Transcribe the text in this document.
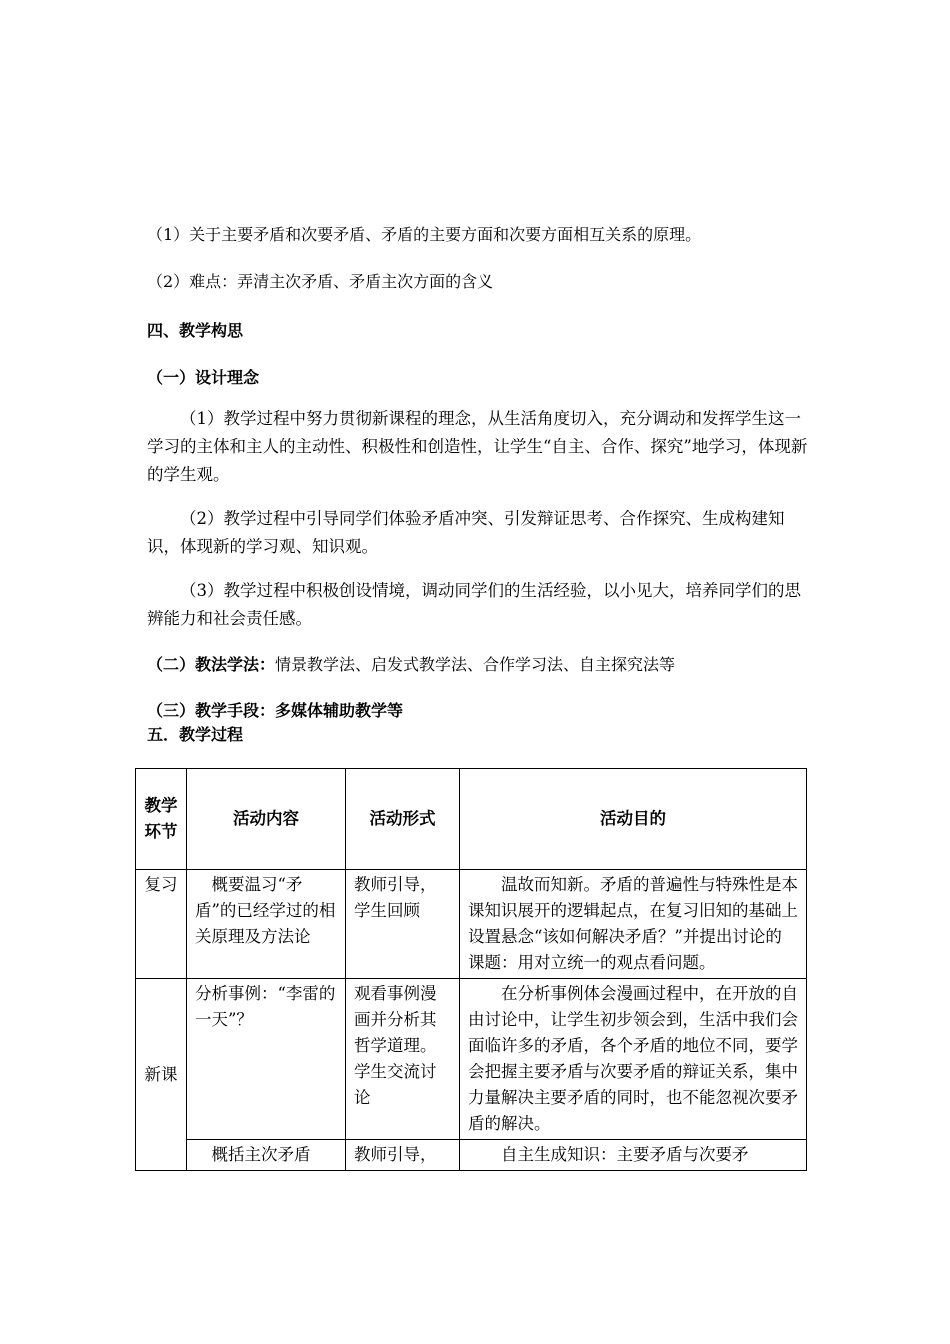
（1）关于主要矛盾和次要矛盾、矛盾的主要方面和次要方面相互关系的原理。
（2）难点：弄清主次矛盾、矛盾主次方面的含义
四、教学构思
（一）设计理念
（1）教学过程中努力贯彻新课程的理念，从生活角度切入，充分调动和发挥学生这一学习的主体和主人的主动性、积极性和创造性，让学生“自主、合作、探究”地学习，体现新的学生观。
（2）教学过程中引导同学们体验矛盾冲突、引发辩证思考、合作探究、生成构建知识，体现新的学习观、知识观。
（3）教学过程中积极创设情境，调动同学们的生活经验，以小见大，培养同学们的思辨能力和社会责任感。
（二）教法学法：情景教学法、启发式教学法、合作学习法、自主探究法等
（三）教学手段：多媒体辅助教学等
五．教学过程
教学环节	活动内容	活动形式	活动目的
复习	概要温习“矛盾”的已经学过的相关原理及方法论	教师引导，学生回顾	温故而知新。矛盾的普遍性与特殊性是本课知识展开的逻辑起点，在复习旧知的基础上设置悬念“该如何解决矛盾？”并提出讨论的课题：用对立统一的观点看问题。
新课	分析事例：“李雷的一天”？	观看事例漫画并分析其哲学道理。学生交流讨论	在分析事例体会漫画过程中，在开放的自由讨论中，让学生初步领会到，生活中我们会面临许多的矛盾，各个矛盾的地位不同，要学会把握主要矛盾与次要矛盾的辩证关系，集中力量解决主要矛盾的同时，也不能忽视次要矛盾的解决。
	概括主次矛盾	教师引导，	自主生成知识：主要矛盾与次要矛
